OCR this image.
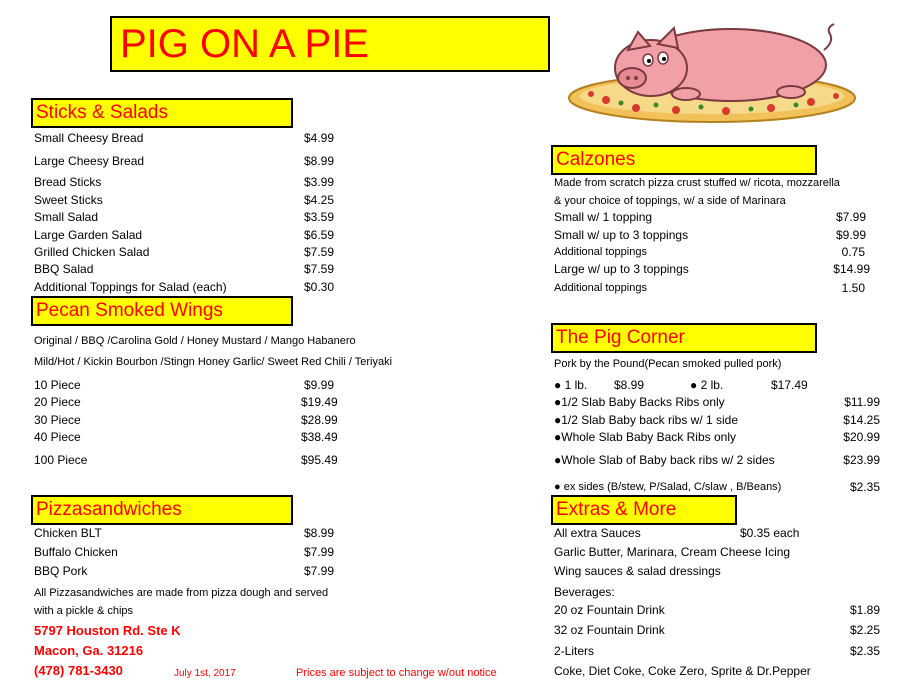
PIG ON A PIE
Sticks & Salads
Small Cheesy Bread	$4.99
Large Cheesy Bread	$8.99
Bread Sticks	$3.99
Sweet Sticks	$4.25
Small Salad	$3.59
Large Garden Salad	$6.59
Grilled Chicken Salad	$7.59
BBQ Salad	$7.59
Additional Toppings for Salad (each)	$0.30
Pecan Smoked Wings
Original / BBQ /Carolina Gold / Honey Mustard / Mango Habanero
Mild/Hot / Kickin Bourbon /Stingn Honey Garlic/ Sweet Red Chili / Teriyaki
10 Piece	$9.99
20 Piece	$19.49
30 Piece	$28.99
40 Piece	$38.49
100 Piece	$95.49
Pizzasandwiches
Chicken BLT	$8.99
Buffalo Chicken	$7.99
BBQ Pork	$7.99
All Pizzasandwiches are made from pizza dough and served
with a pickle & chips
5797 Houston Rd. Ste K
Macon, Ga. 31216
(478) 781-3430	July 1st, 2017	Prices are subject to change w/out notice
Calzones
Made from scratch pizza crust stuffed w/ ricota, mozzarella
& your choice of toppings, w/ a side of Marinara
Small w/ 1 topping	$7.99
Small w/ up to 3 toppings	$9.99
Additional toppings	0.75
Large w/ up to 3 toppings	$14.99
Additional toppings	1.50
The Pig Corner
Pork by the Pound(Pecan smoked pulled pork)
● 1 lb. $8.99	● 2 lb.	$17.49
●1/2 Slab Baby Backs Ribs only	$11.99
●1/2 Slab Baby back ribs w/ 1 side	$14.25
●Whole Slab Baby Back Ribs only	$20.99
●Whole Slab of Baby back ribs w/ 2 sides	$23.99
● ex sides (B/stew, P/Salad, C/slaw , B/Beans)	$2.35
Extras & More
All extra Sauces	$0.35 each
Garlic Butter, Marinara, Cream Cheese Icing
Wing sauces & salad dressings
Beverages:
20 oz Fountain Drink	$1.89
32 oz Fountain Drink	$2.25
2-Liters	$2.35
Coke, Diet Coke, Coke Zero, Sprite & Dr.Pepper
